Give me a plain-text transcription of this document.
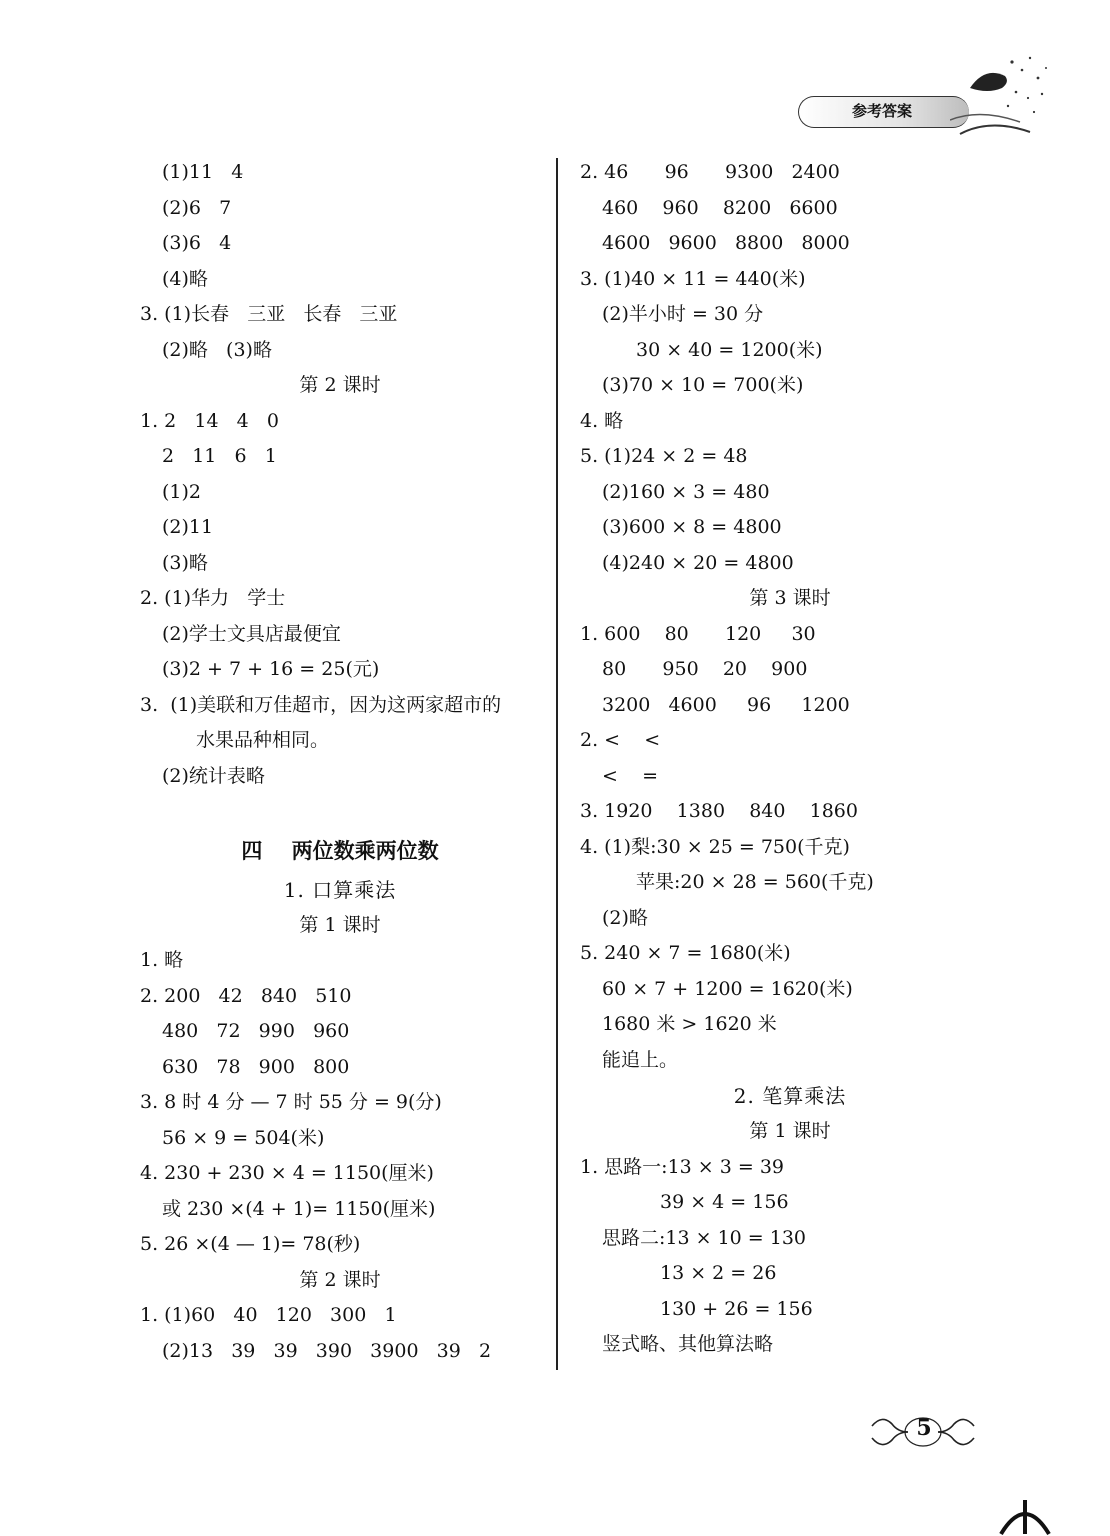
参考答案
(1)11   4
(2)6   7
(3)6   4
(4)略
3. (1)长春   三亚   长春   三亚
(2)略   (3)略
第 2 课时
1. 2   14   4   0
2   11   6   1
(1)2
(2)11
(3)略
2. (1)华力   学士
(2)学士文具店最便宜
(3)2 + 7 + 16 = 25(元)
3.  (1)美联和万佳超市，因为这两家超市的
水果品种相同。
(2)统计表略
四    两位数乘两位数
1. 口算乘法
第 1 课时
1. 略
2. 200   42   840   510
480   72   990   960
630   78   900   800
3. 8 时 4 分 — 7 时 55 分 = 9(分)
56 × 9 = 504(米)
4. 230 + 230 × 4 = 1150(厘米)
或 230 ×(4 + 1)= 1150(厘米)
5. 26 ×(4 — 1)= 78(秒)
第 2 课时
1. (1)60   40   120   300   1
(2)13   39   39   390   3900   39   2
2. 46      96      9300   2400
460    960    8200   6600
4600   9600   8800   8000
3. (1)40 × 11 = 440(米)
(2)半小时 = 30 分
30 × 40 = 1200(米)
(3)70 × 10 = 700(米)
4. 略
5. (1)24 × 2 = 48
(2)160 × 3 = 480
(3)600 × 8 = 4800
(4)240 × 20 = 4800
第 3 课时
1. 600    80      120     30
80      950    20    900
3200   4600     96     1200
2. <    <
<    =
3. 1920    1380    840    1860
4. (1)梨:30 × 25 = 750(千克)
苹果:20 × 28 = 560(千克)
(2)略
5. 240 × 7 = 1680(米)
60 × 7 + 1200 = 1620(米)
1680 米 > 1620 米
能追上。
2. 笔算乘法
第 1 课时
1. 思路一:13 × 3 = 39
39 × 4 = 156
思路二:13 × 10 = 130
13 × 2 = 26
130 + 26 = 156
竖式略、其他算法略
5
